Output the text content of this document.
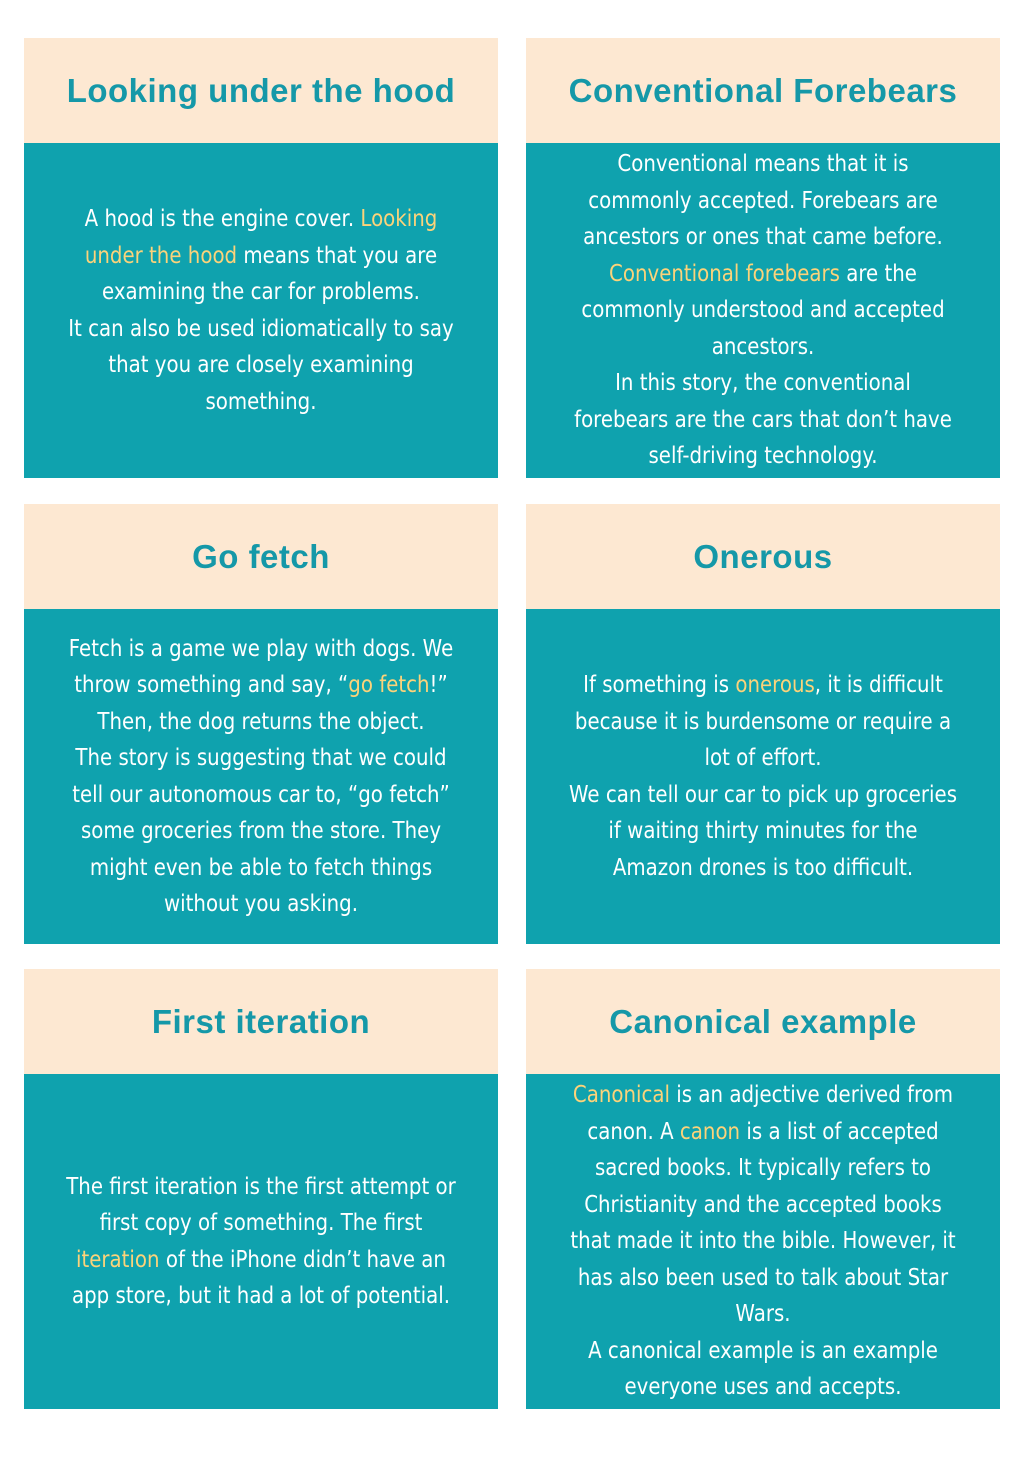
Looking under the hood

A hood is the engine cover. Looking under the hood means that you are examining the car for problems.
It can also be used idiomatically to say that you are closely examining something.

Conventional Forebears

Conventional means that it is commonly accepted. Forebears are ancestors or ones that came before.
Conventional forebears are the commonly understood and accepted ancestors.
In this story, the conventional forebears are the cars that don’t have self-driving technology.

Go fetch

Fetch is a game we play with dogs. We throw something and say, “go fetch!” Then, the dog returns the object.
The story is suggesting that we could tell our autonomous car to, “go fetch” some groceries from the store. They might even be able to fetch things without you asking.

Onerous

If something is onerous, it is difficult because it is burdensome or require a lot of effort.
We can tell our car to pick up groceries if waiting thirty minutes for the Amazon drones is too difficult.

First iteration

The first iteration is the first attempt or first copy of something. The first iteration of the iPhone didn’t have an app store, but it had a lot of potential.

Canonical example

Canonical is an adjective derived from canon. A canon is a list of accepted sacred books. It typically refers to Christianity and the accepted books that made it into the bible. However, it has also been used to talk about Star Wars.
A canonical example is an example everyone uses and accepts.
